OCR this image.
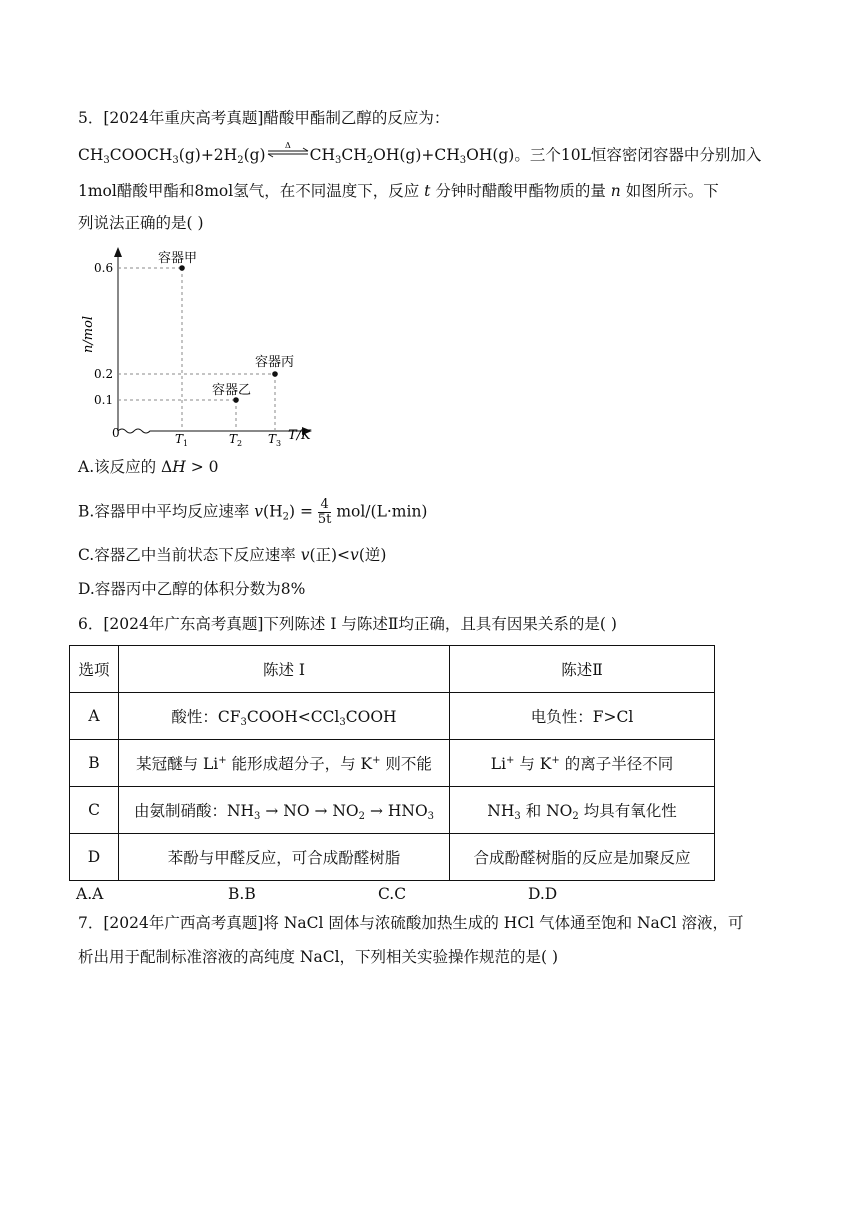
5．[2024年重庆高考真题]醋酸甲酯制乙醇的反应为：
$CH_3COOCH_3(g)+2H_2(g)$
Δ
$CH_3CH_2OH(g)+CH_3OH(g)$。三个10L恒容密闭容器中分别加入
1mol醋酸甲酯和8mol氢气，在不同温度下，反应 t 分钟时醋酸甲酯物质的量 n 如图所示。下
列说法正确的是( )
0.6
0.2
0.1
$T_1$	$T_2$ $T_3$
容器甲
容器乙
容器丙
0
n/mol
T/K
A.该反应的 ΔH > 0
B.容器甲中平均反应速率 $v(H_2) = \frac{4}{5t} mol/(L\cdot\min)$
C.容器乙中当前状态下反应速率 v(正)<v(逆)
D.容器丙中乙醇的体积分数为8%
6．[2024年广东高考真题]下列陈述 I 与陈述Ⅱ均正确，且具有因果关系的是( )
选项	陈述 I	陈述Ⅱ
A	酸性：$CF_3COOH<CCl_3COOH$	电负性：F>Cl
B	某冠醚与 Li+ 能形成超分子，与 K+ 则不能	Li+ 与 K+ 的离子半径不同
C	由氨制硝酸：$NH_3$ → NO → $NO_2 \to HNO_3$	$NH_3$ 和 $NO_2$ 均具有氧化性
D	苯酚与甲醛反应，可合成酚醛树脂	合成酚醛树脂的反应是加聚反应
A.A	B.B	C.C	D.D
7．[2024年广西高考真题]将 NaCl 固体与浓硫酸加热生成的 HCl 气体通至饱和 NaCl 溶液，可
析出用于配制标准溶液的高纯度 NaCl，下列相关实验操作规范的是( )
